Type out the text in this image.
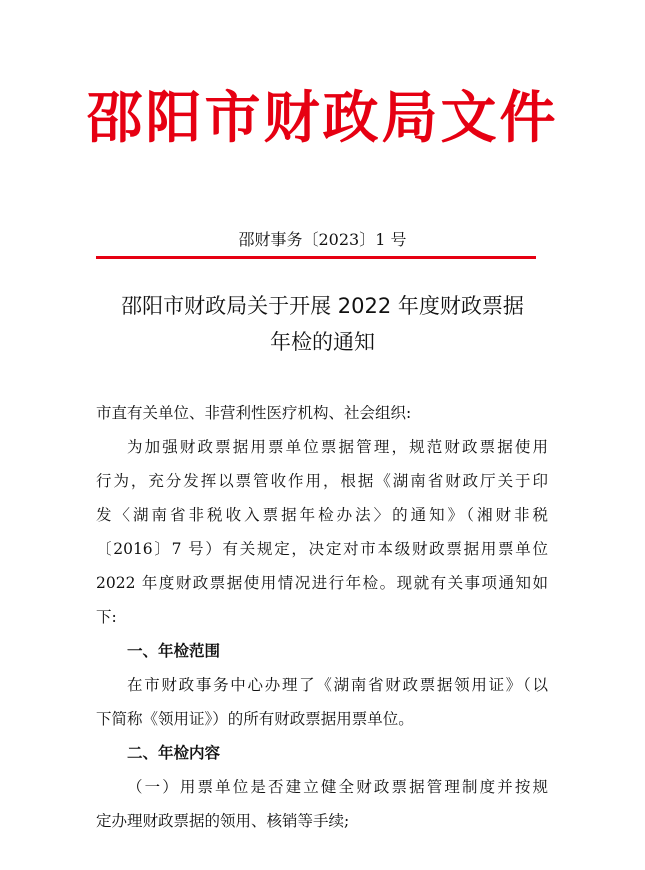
邵阳市财政局文件
邵财事务〔2023〕1 号
邵阳市财政局关于开展 2022 年度财政票据
年检的通知
市直有关单位、非营利性医疗机构、社会组织:
为加强财政票据用票单位票据管理，规范财政票据使用
行为，充分发挥以票管收作用，根据《湖南省财政厅关于印
发〈湖南省非税收入票据年检办法〉的通知》（湘财非税
〔2016〕7 号）有关规定，决定对市本级财政票据用票单位
2022 年度财政票据使用情况进行年检。现就有关事项通知如
下:
一、年检范围
在市财政事务中心办理了《湖南省财政票据领用证》（以
下简称《领用证》）的所有财政票据用票单位。
二、年检内容
（一）用票单位是否建立健全财政票据管理制度并按规
定办理财政票据的领用、核销等手续;
